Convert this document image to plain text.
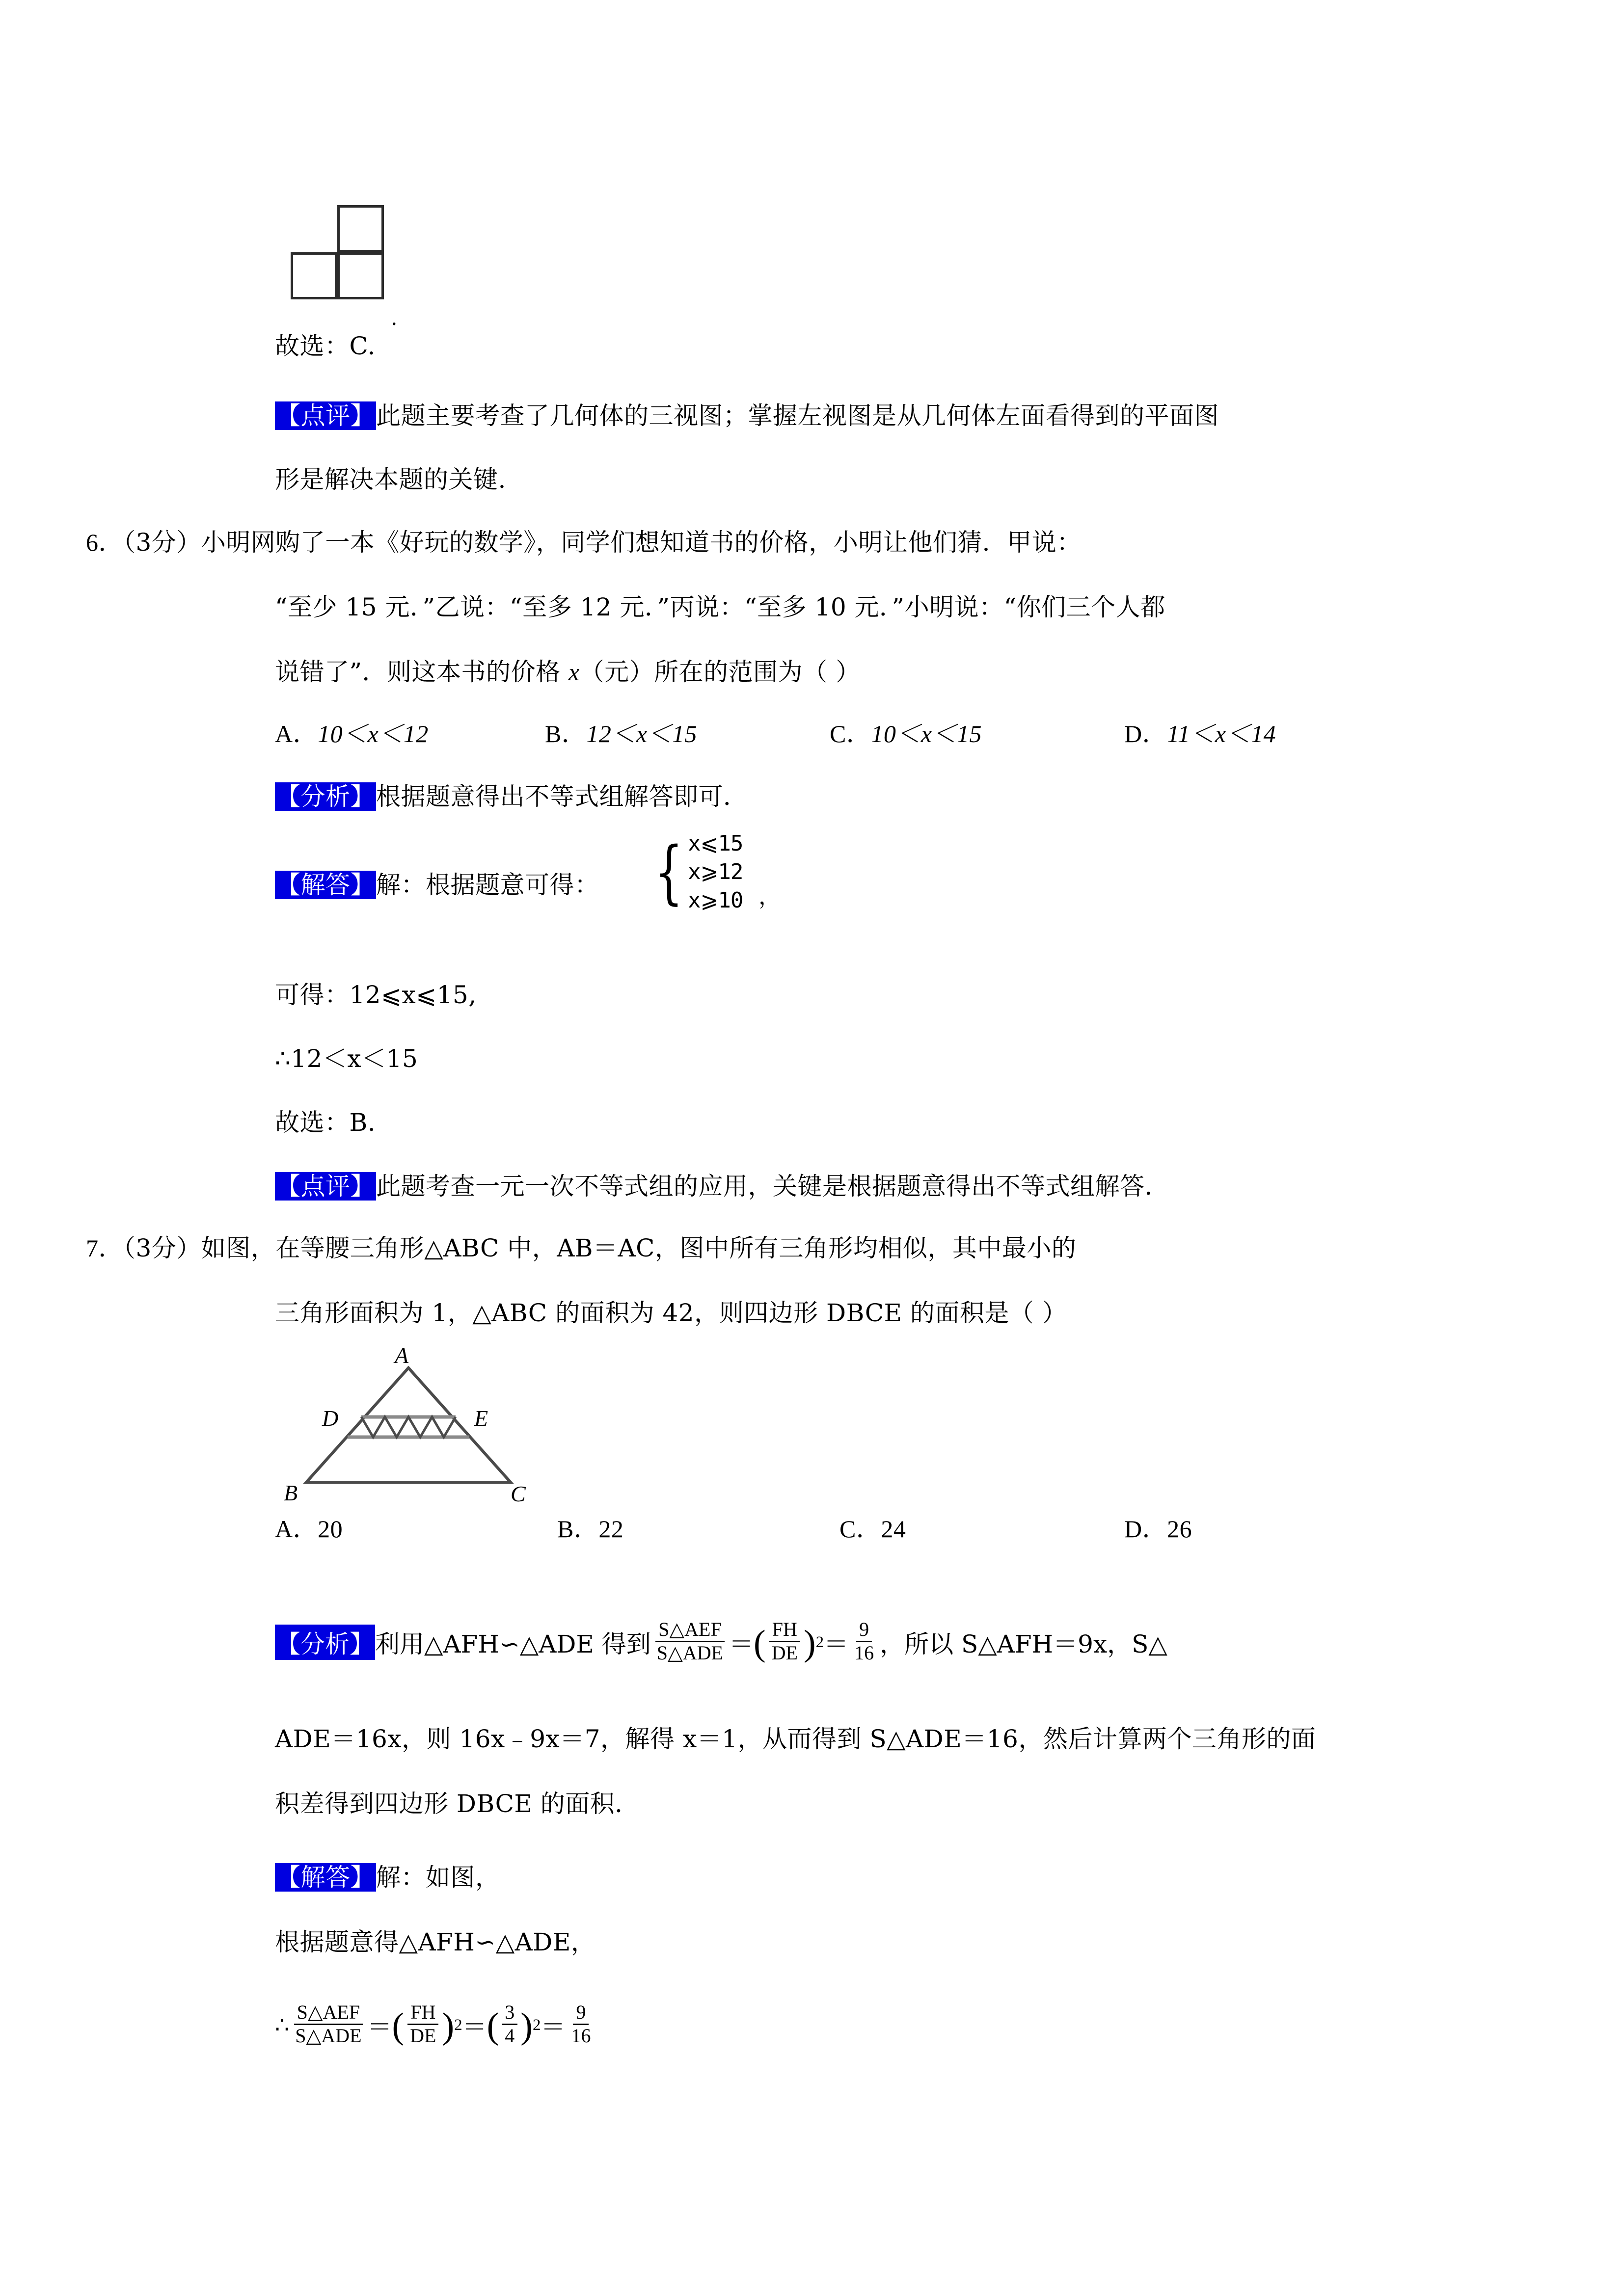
.
故选：C.
【点评】此题主要考查了几何体的三视图；掌握左视图是从几何体左面看得到的平面图
形是解决本题的关键.
6．（3分）小明网购了一本《好玩的数学》，同学们想知道书的价格，小明让他们猜．甲说：
“至少 15 元．”乙说：“至多 12 元．”丙说：“至多 10 元．”小明说：“你们三个人都
说错了”．则这本书的价格 x（元）所在的范围为（ ）
A．10＜x＜12	B．12＜x＜15	C．10＜x＜15	D．11＜x＜14
【分析】根据题意得出不等式组解答即可．
【解答】解：根据题意可得： { x⩽15
x⩾12
x⩾10 ，
可得：12⩽x⩽15,
∴12＜x＜15
故选：B.
【点评】此题考查一元一次不等式组的应用，关键是根据题意得出不等式组解答．
7．（3分）如图，在等腰三角形△ABC 中，AB＝AC，图中所有三角形均相似，其中最小的
三角形面积为 1，△ABC 的面积为 42，则四边形 DBCE 的面积是（ ）
A
D	E
B	C
A．20	B．22	C．24	D．26
【分析】 利用△AFH∽△ADE 得到 $\frac{\text{S△AEF}}{\text{S△ADE}}$ ＝ ( $\frac{FH}{DE}$ ) $2 = \frac{9}{16}$ ，所以 S△AFH＝9x，S△
ADE＝16x，则 16x﹣9x＝7，解得 x＝1，从而得到 S△ADE＝16，然后计算两个三角形的面
积差得到四边形 DBCE 的面积．
【解答】解：如图，
根据题意得△AFH∽△ADE，
∴ $\frac{\text{S△AEF}}{\text{S△ADE}}$ ＝ ( $\frac{FH}{DE}$ ) 2 ＝ ( $\frac{3}{4}$ ) $2 = \frac{9}{16}$
